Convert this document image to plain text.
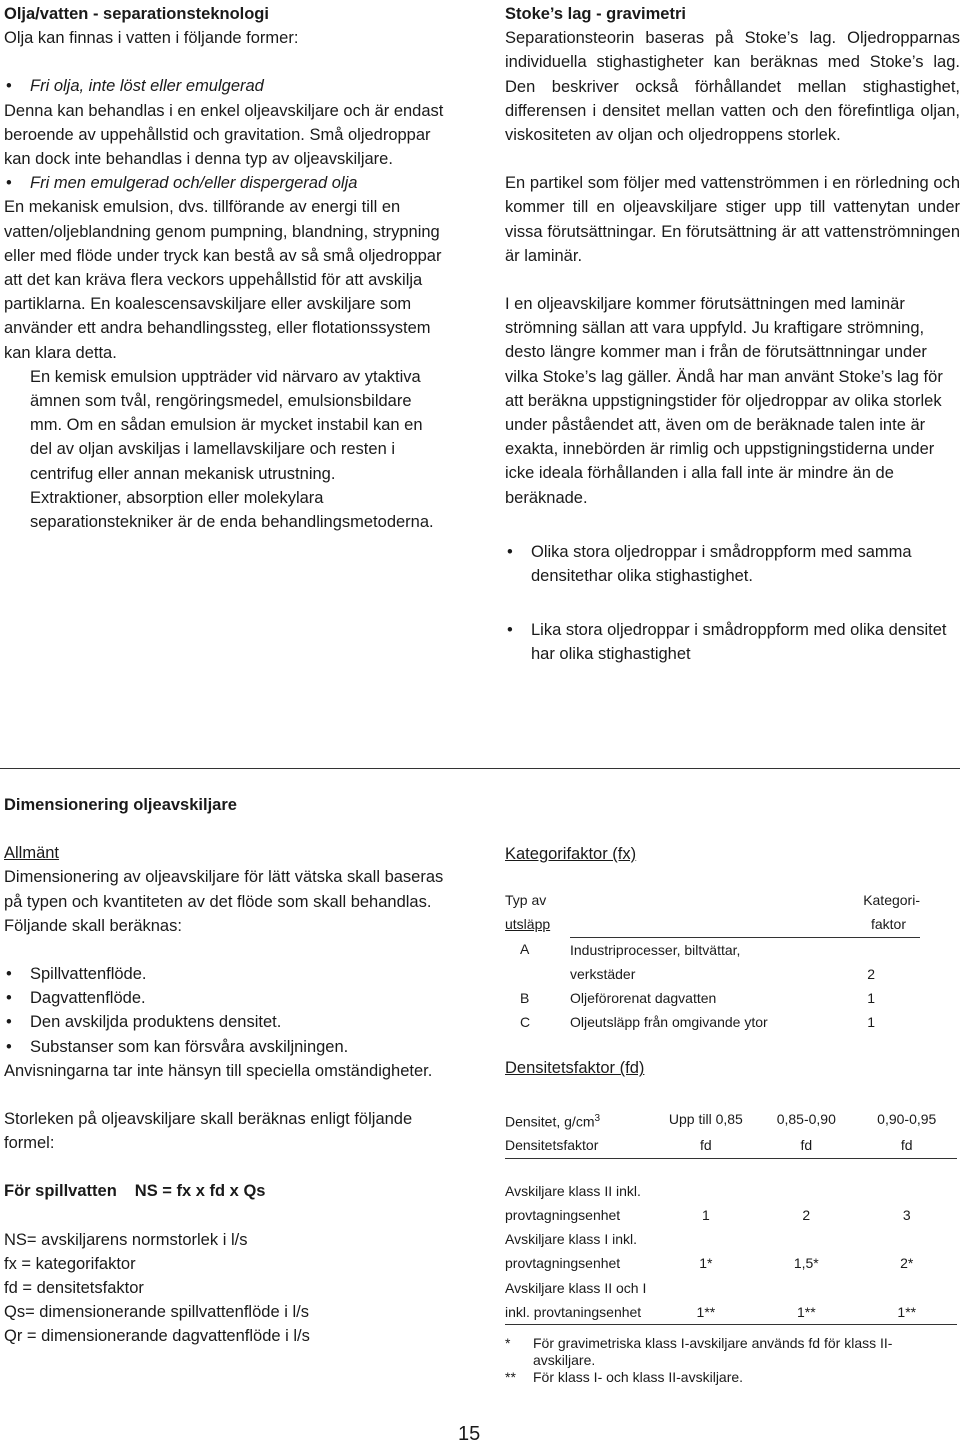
Olja/vatten - separationsteknologi

Olja kan finnas i vatten i följande former:

• Fri olja, inte löst eller emulgerad
Denna kan behandlas i en enkel oljeavskiljare och är endast beroende av uppehållstid och gravitation. Små oljedroppar kan dock inte behandlas i denna typ av oljeavskiljare.
• Fri men emulgerad och/eller dispergerad olja
En mekanisk emulsion, dvs. tillförande av energi till en vatten/oljeblandning genom pumpning, blandning, strypning eller med flöde under tryck kan bestå av så små oljedroppar att det kan kräva flera veckors uppehållstid för att avskilja partiklarna. En koalescensavskiljare eller avskiljare som använder ett andra behandlingssteg, eller flotationssystem kan klara detta.

En kemisk emulsion uppträder vid närvaro av ytaktiva ämnen som tvål, rengöringsmedel, emulsionsbildare mm. Om en sådan emulsion är mycket instabil kan en del av oljan avskiljas i lamellavskiljare och resten i centrifug eller annan mekanisk utrustning.

Extraktioner, absorption eller molekylara separationstekniker är de enda behandlingsmetoderna.

Stoke’s lag - gravimetri

Separationsteorin baseras på Stoke’s lag. Oljedropparnas individuella stighastigheter kan beräknas med Stoke’s lag. Den beskriver också förhållandet mellan stighastighet, differensen i densitet mellan vatten och den förefintliga oljan, viskositeten av oljan och oljedroppens storlek.

En partikel som följer med vattenströmmen i en rörledning och kommer till en oljeavskiljare stiger upp till vattenytan under vissa förutsättningar. En förutsättning är att vattenströmningen är laminär.

I en oljeavskiljare kommer förutsättningen med laminär strömning sällan att vara uppfyld. Ju kraftigare strömning, desto längre kommer man i från de förutsättnningar under vilka Stoke’s lag gäller. Ändå har man använt Stoke’s lag för att beräkna uppstigningstider för oljedroppar av olika storlek under påståendet att, även om de beräknade talen inte är exakta, innebörden är rimlig och uppstigningstiderna under icke ideala förhållanden i alla fall inte är mindre än de beräknade.

• Olika stora oljedroppar i smådroppform med samma densitethar olika stighastighet.
• Lika stora oljedroppar i smådroppform med olika densitet har olika stighastighet

Dimensionering oljeavskiljare

Allmänt

Dimensionering av oljeavskiljare för lätt vätska skall baseras på typen och kvantiteten av det flöde som skall behandlas. Följande skall beräknas:

• Spillvattenflöde.
• Dagvattenflöde.
• Den avskiljda produktens densitet.
• Substanser som kan försvåra avskiljningen.

Anvisningarna tar inte hänsyn till speciella omständigheter.

Storleken på oljeavskiljare skall beräknas enligt följande formel:

För spillvatten NS = fx x fd x Qs

NS= avskiljarens normstorlek i l/s
fx = kategorifaktor
fd = densitetsfaktor
Qs= dimensionerande spillvattenflöde i l/s
Qr = dimensionerande dagvattenflöde i l/s

Kategorifaktor (fx)

Typ av		Kategori-
utsläpp		faktor
A	Industriprocesser, biltvättar,	
	verkstäder	2
B	Oljeförorenat dagvatten	1
C	Oljeutsläpp från omgivande ytor	1

Densitetsfaktor (fd)

Densitet, $g/cm^3$	Upp till 0,85	0,85-0,90	0,90-0,95
Densitetsfaktor	fd	fd	fd

Avskiljare klass II inkl.			
provtagningsenhet	1	2	3
Avskiljare klass I inkl.			
provtagningsenhet	1*	1,5*	2*
Avskiljare klass II och I			
inkl. provtaningsenhet	1**	1**	1**
*	För gravimetriska klass I-avskiljare används fd för klass II-avskiljare.
**	För klass I- och klass II-avskiljare.
15
